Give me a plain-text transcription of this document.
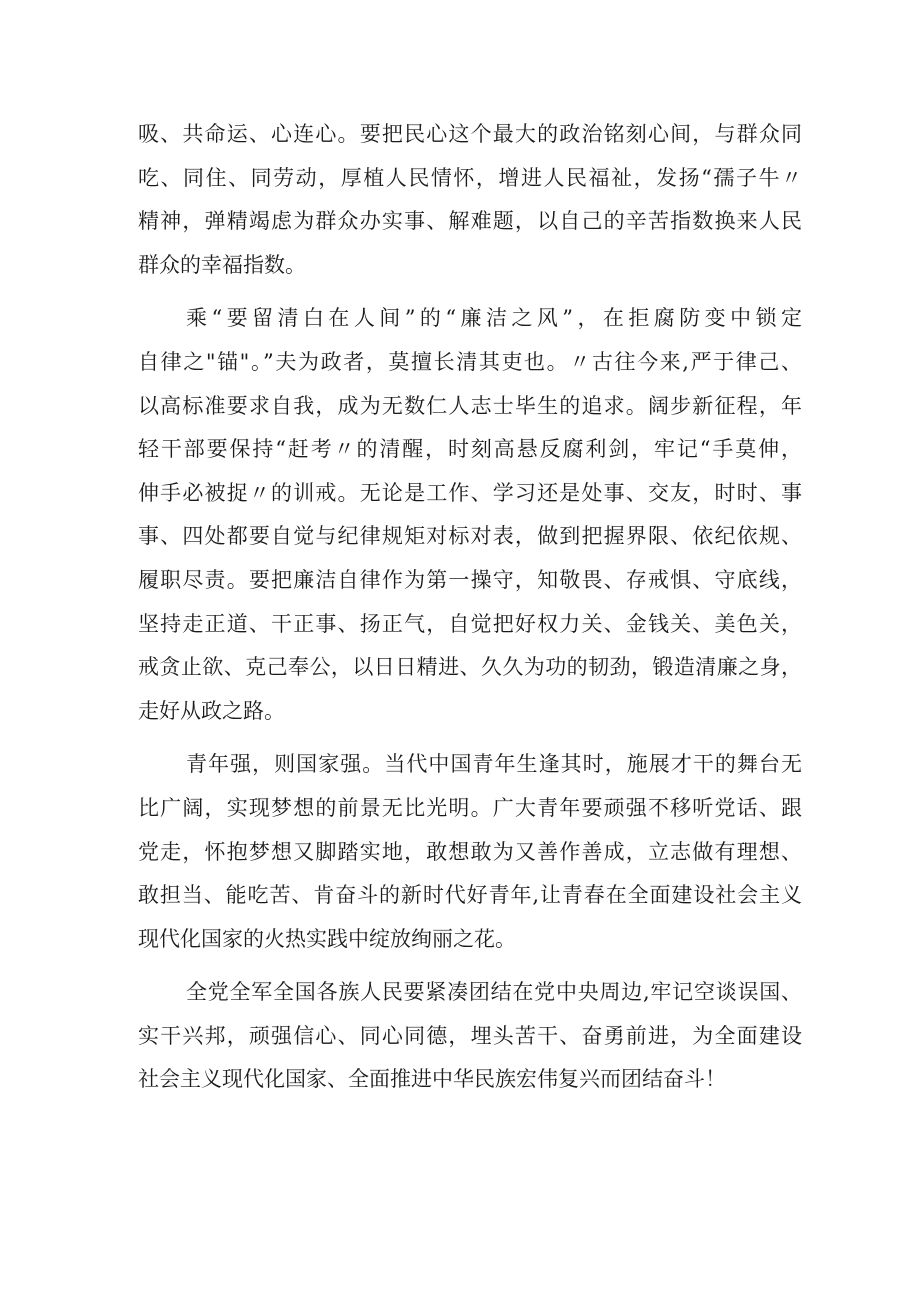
吸、共命运、心连心。要把民心这个最大的政治铭刻心间，与群众同
吃、同住、同劳动，厚植人民情怀，增进人民福祉，发扬“孺子牛〃
精神，弹精竭虑为群众办实事、解难题，以自己的辛苦指数换来人民
群众的幸福指数。
乘“要留清白在人间”的“廉洁之风”，在拒腐防变中锁定
自律之"锚"。”夫为政者，莫擅长清其吏也。〃古往今来,严于律己、
以高标准要求自我，成为无数仁人志士毕生的追求。阔步新征程，年
轻干部要保持“赶考〃的清醒，时刻高悬反腐利剑，牢记“手莫伸，
伸手必被捉〃的训戒。无论是工作、学习还是处事、交友，时时、事
事、四处都要自觉与纪律规矩对标对表，做到把握界限、依纪依规、
履职尽责。要把廉洁自律作为第一操守，知敬畏、存戒惧、守底线，
坚持走正道、干正事、扬正气，自觉把好权力关、金钱关、美色关，
戒贪止欲、克己奉公，以日日精进、久久为功的韧劲，锻造清廉之身，
走好从政之路。
青年强，则国家强。当代中国青年生逢其时，施展才干的舞台无
比广阔，实现梦想的前景无比光明。广大青年要顽强不移听党话、跟
党走，怀抱梦想又脚踏实地，敢想敢为又善作善成，立志做有理想、
敢担当、能吃苦、肯奋斗的新时代好青年,让青春在全面建设社会主义
现代化国家的火热实践中绽放绚丽之花。
全党全军全国各族人民要紧凑团结在党中央周边,牢记空谈误国、
实干兴邦，顽强信心、同心同德，埋头苦干、奋勇前进，为全面建设
社会主义现代化国家、全面推进中华民族宏伟复兴而团结奋斗！
